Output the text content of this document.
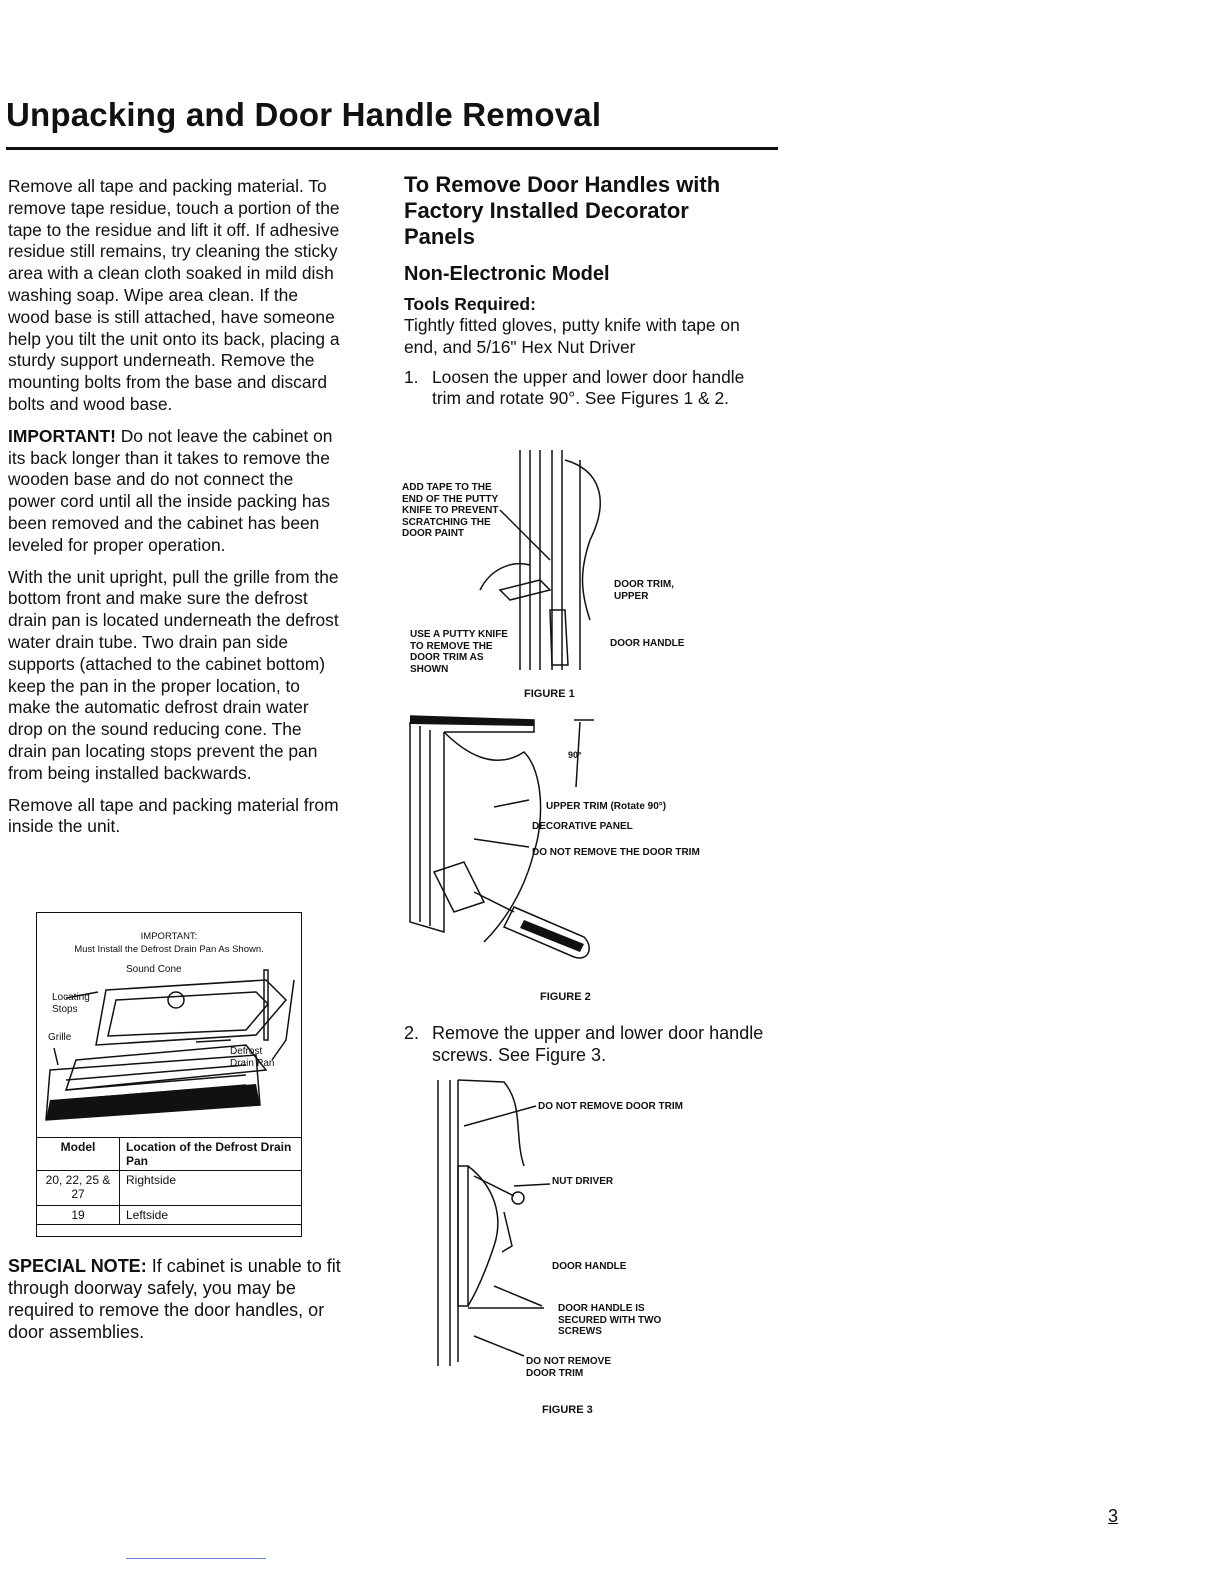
Unpacking and Door Handle Removal

Remove all tape and packing material. To remove tape residue, touch a portion of the tape to the residue and lift it off. If adhesive residue still remains, try cleaning the sticky area with a clean cloth soaked in mild dish washing soap. Wipe area clean. If the wood base is still attached, have someone help you tilt the unit onto its back, placing a sturdy support underneath. Remove the mounting bolts from the base and discard bolts and wood base.

IMPORTANT! Do not leave the cabinet on its back longer than it takes to remove the wooden base and do not connect the power cord until all the inside packing has been removed and the cabinet has been leveled for proper operation.

With the unit upright, pull the grille from the bottom front and make sure the defrost drain pan is located underneath the defrost water drain tube. Two drain pan side supports (attached to the cabinet bottom) keep the pan in the proper location, to make the automatic defrost drain water drop on the sound reducing cone. The drain pan locating stops prevent the pan from being installed backwards.

Remove all tape and packing material from inside the unit.

IMPORTANT:
Must Install the Defrost Drain Pan As Shown.
Sound Cone
Locating Stops
Grille
Defrost Drain Pan
Model	Location of the Defrost Drain Pan
20, 22, 25 & 27	Rightside
19	Leftside
SPECIAL NOTE: If cabinet is unable to fit through doorway safely, you may be required to remove the door handles, or door assemblies.
To Remove Door Handles with Factory Installed Decorator Panels
Non-Electronic Model
Tools Required:
Tightly fitted gloves, putty knife with tape on end, and 5/16" Hex Nut Driver
1. Loosen the upper and lower door handle trim and rotate 90°. See Figures 1 & 2.
ADD TAPE TO THE END OF THE PUTTY KNIFE TO PREVENT SCRATCHING THE DOOR PAINT
DOOR TRIM, UPPER
USE A PUTTY KNIFE TO REMOVE THE DOOR TRIM AS SHOWN
DOOR HANDLE
FIGURE 1
90°
UPPER TRIM (Rotate 90°)
DECORATIVE PANEL
DO NOT REMOVE THE DOOR TRIM
FIGURE 2
2. Remove the upper and lower door handle screws. See Figure 3.
DO NOT REMOVE DOOR TRIM
NUT DRIVER
DOOR HANDLE
DOOR HANDLE IS SECURED WITH TWO SCREWS
DO NOT REMOVE DOOR TRIM
FIGURE 3
3
